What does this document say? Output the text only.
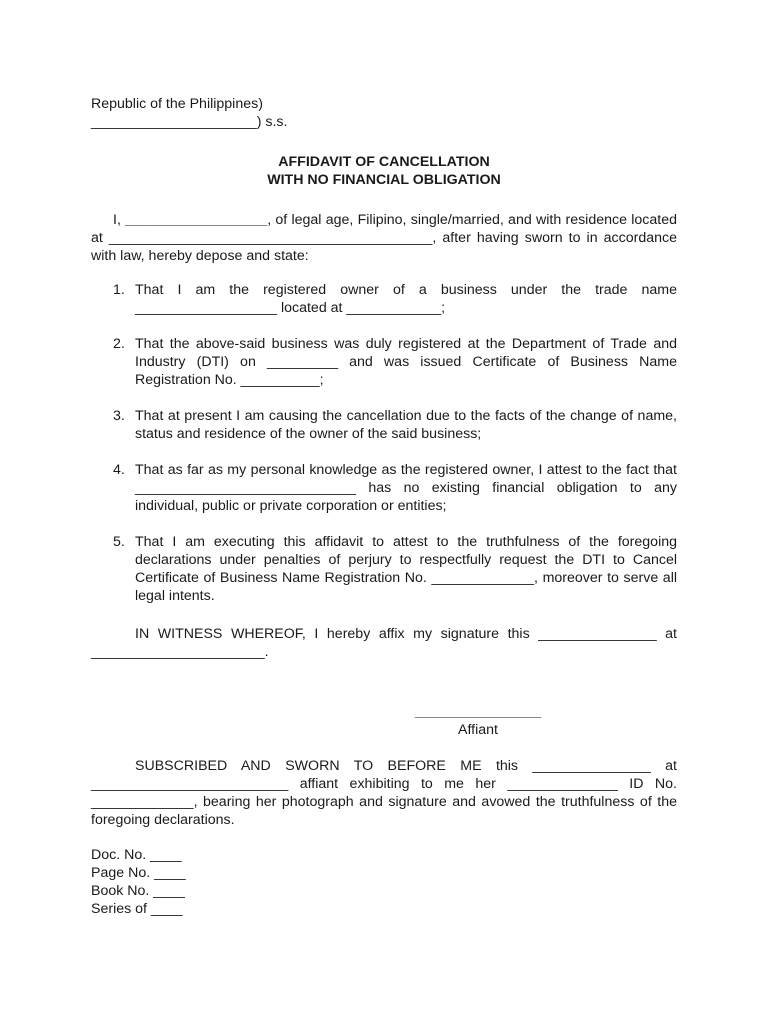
Republic of the Philippines)

_____________________) s.s.

AFFIDAVIT OF CANCELLATION

WITH NO FINANCIAL OBLIGATION

I, __________________, of legal age, Filipino, single/married, and with residence located at _________________________________________, after having sworn to in accordance with law, hereby depose and state:

1. That I am the registered owner of a business under the trade name __________________ located at ____________;
2. That the above-said business was duly registered at the Department of Trade and Industry (DTI) on _________ and was issued Certificate of Business Name Registration No. __________;
3. That at present I am causing the cancellation due to the facts of the change of name, status and residence of the owner of the said business;
4. That as far as my personal knowledge as the registered owner, I attest to the fact that ____________________________ has no existing financial obligation to any individual, public or private corporation or entities;
5. That I am executing this affidavit to attest to the truthfulness of the foregoing declarations under penalties of perjury to respectfully request the DTI to Cancel Certificate of Business Name Registration No. _____________, moreover to serve all legal intents.

IN WITNESS WHEREOF, I hereby affix my signature this _______________ at ______________________.

________________
Affiant

SUBSCRIBED AND SWORN TO BEFORE ME this _______________ at _________________________ affiant exhibiting to me her ______________ ID No. _____________, bearing her photograph and signature and avowed the truthfulness of the foregoing declarations.

Doc. No. ____
Page No. ____
Book No. ____
Series of ____
